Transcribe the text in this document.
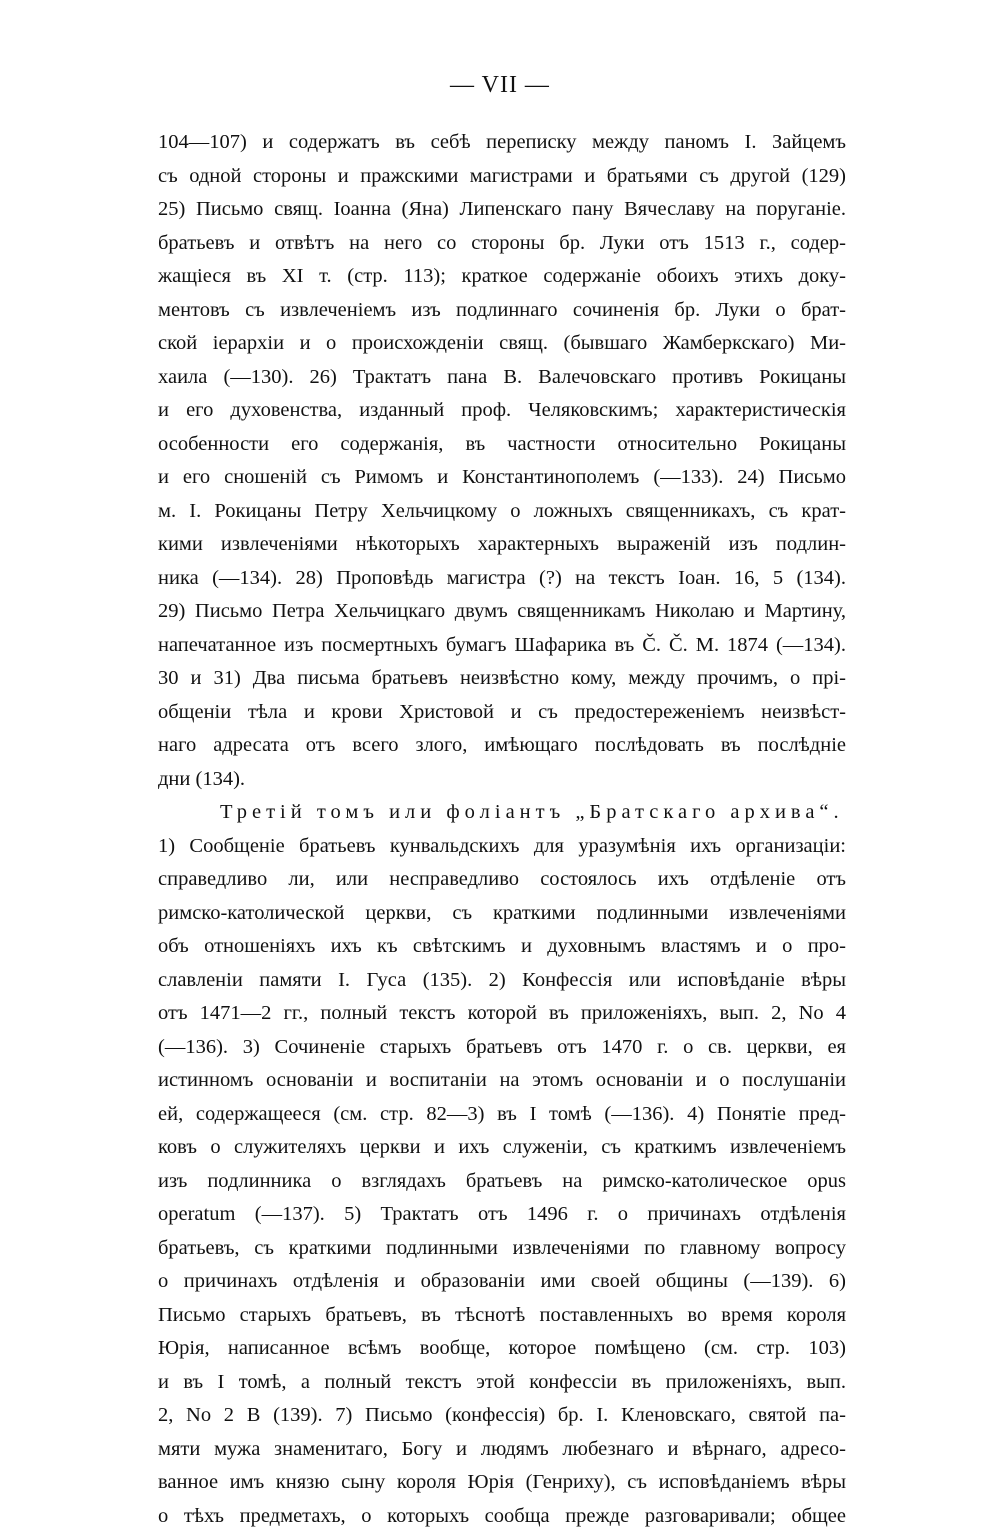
— VII —
104—107) и содержатъ въ себѣ переписку между паномъ І. Зайцемъ
съ одной стороны и пражскими магистрами и братьями съ другой (129)
25) Письмо свящ. Іоанна (Яна) Липенскаго пану Вячеславу на поруганіе.
братьевъ и отвѣтъ на него со стороны бр. Луки отъ 1513 г., содер-
жащіеся въ XI т. (стр. 113); краткое содержаніе обоихъ этихъ доку-
ментовъ съ извлеченіемъ изъ подлиннаго сочиненія бр. Луки о брат-
ской іерархіи и о происхожденіи свящ. (бывшаго Жамберкскаго) Ми-
хаила (—130). 26) Трактатъ пана В. Валечовскаго противъ Рокицаны
и его духовенства, изданный проф. Челяковскимъ; характеристическія
особенности его содержанія, въ частности относительно Рокицаны
и его сношеній съ Римомъ и Константинополемъ (—133). 24) Письмо
м. І. Рокицаны Петру Хельчицкому о ложныхъ священникахъ, съ крат-
кими извлеченіями нѣкоторыхъ характерныхъ выраженій изъ подлин-
ника (—134). 28) Проповѣдь магистра (?) на текстъ Іоан. 16, 5 (134).
29) Письмо Петра Хельчицкаго двумъ священникамъ Николаю и Мартину,
напечатанное изъ посмертныхъ бумагъ Шафарика въ Č. Č. M. 1874 (—134).
30 и 31) Два письма братьевъ неизвѣстно кому, между прочимъ, о прі-
общеніи тѣла и крови Христовой и съ предостереженіемъ неизвѣст-
наго адресата отъ всего злого, имѣющаго послѣдовать въ послѣдніе
дни (134).
Третій томъ или фоліантъ „Братскаго архива“.
1) Сообщеніе братьевъ кунвальдскихъ для уразумѣнія ихъ организаціи:
справедливо ли, или несправедливо состоялось ихъ отдѣленіе отъ
римско-католической церкви, съ краткими подлинными извлеченіями
объ отношеніяхъ ихъ къ свѣтскимъ и духовнымъ властямъ и о про-
славленіи памяти І. Гуса (135). 2) Конфессія или исповѣданіе вѣры
отъ 1471—2 гг., полный текстъ которой въ приложеніяхъ, вып. 2, No 4
(—136). 3) Сочиненіе старыхъ братьевъ отъ 1470 г. о св. церкви, ея
истинномъ основаніи и воспитаніи на этомъ основаніи и о послушаніи
ей, содержащееся (см. стр. 82—3) въ І томѣ (—136). 4) Понятіе пред-
ковъ о служителяхъ церкви и ихъ служеніи, съ краткимъ извлеченіемъ
изъ подлинника о взглядахъ братьевъ на римско-католическое opus
operatum (—137). 5) Трактатъ отъ 1496 г. о причинахъ отдѣленія
братьевъ, съ краткими подлинными извлеченіями по главному вопросу
о причинахъ отдѣленія и образованіи ими своей общины (—139). 6)
Письмо старыхъ братьевъ, въ тѣснотѣ поставленныхъ во время короля
Юрія, написанное всѣмъ вообще, которое помѣщено (см. стр. 103)
и въ І томѣ, а полный текстъ этой конфессіи въ приложеніяхъ, вып.
2, No 2 В (139). 7) Письмо (конфессія) бр. І. Кленовскаго, святой па-
мяти мужа знаменитаго, Богу и людямъ любезнаго и вѣрнаго, адресо-
ванное имъ князю сыну короля Юрія (Генриху), съ исповѣданіемъ вѣры
о тѣхъ предметахъ, о которыхъ сообща прежде разговаривали; общее
